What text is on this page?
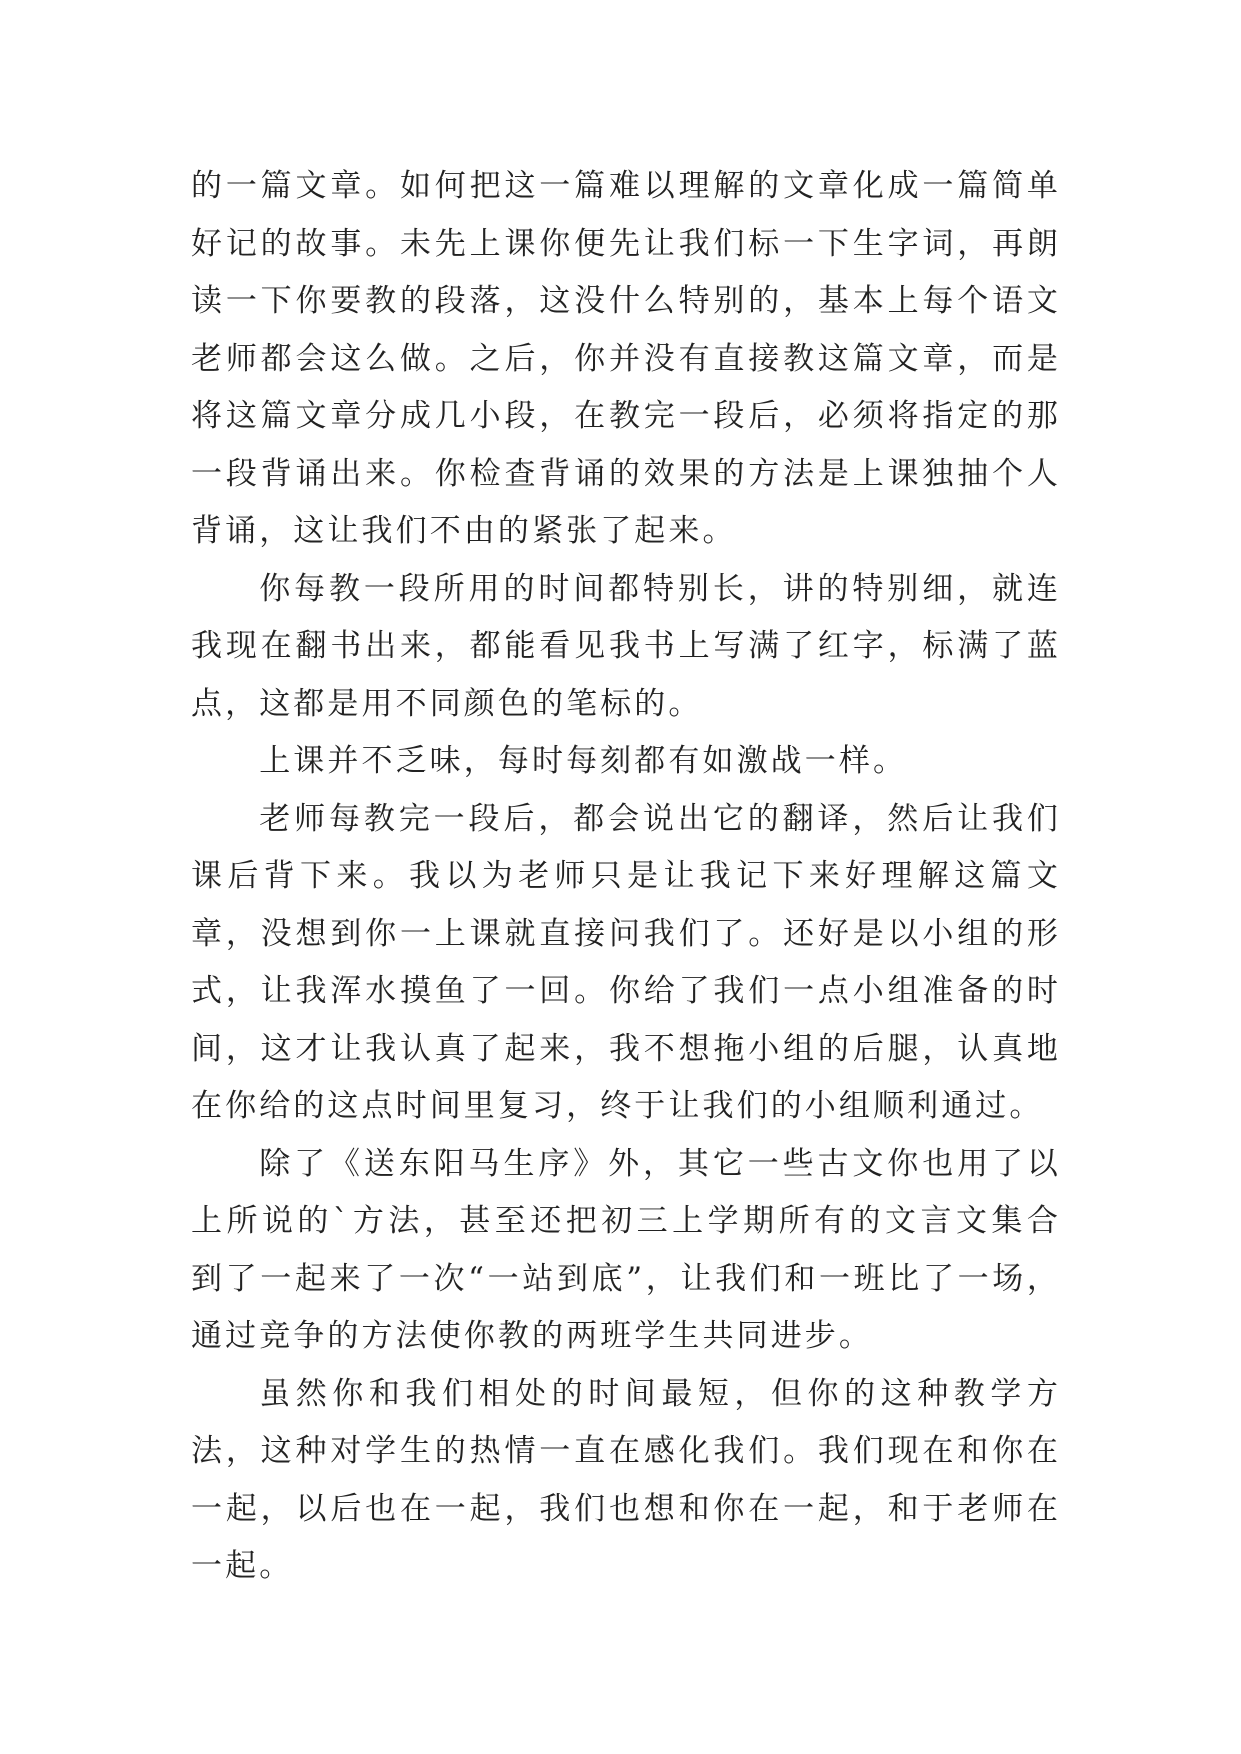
的一篇文章。如何把这一篇难以理解的文章化成一篇简单好记的故事。未先上课你便先让我们标一下生字词，再朗读一下你要教的段落，这没什么特别的，基本上每个语文老师都会这么做。之后，你并没有直接教这篇文章，而是将这篇文章分成几小段，在教完一段后，必须将指定的那一段背诵出来。你检查背诵的效果的方法是上课独抽个人背诵，这让我们不由的紧张了起来。

你每教一段所用的时间都特别长，讲的特别细，就连我现在翻书出来，都能看见我书上写满了红字，标满了蓝点，这都是用不同颜色的笔标的。

上课并不乏味，每时每刻都有如激战一样。

老师每教完一段后，都会说出它的翻译，然后让我们课后背下来。我以为老师只是让我记下来好理解这篇文章，没想到你一上课就直接问我们了。还好是以小组的形式，让我浑水摸鱼了一回。你给了我们一点小组准备的时间，这才让我认真了起来，我不想拖小组的后腿，认真地在你给的这点时间里复习，终于让我们的小组顺利通过。

除了《送东阳马生序》外，其它一些古文你也用了以上所说的`方法，甚至还把初三上学期所有的文言文集合到了一起来了一次“一站到底”，让我们和一班比了一场，通过竞争的方法使你教的两班学生共同进步。

虽然你和我们相处的时间最短，但你的这种教学方法，这种对学生的热情一直在感化我们。我们现在和你在一起，以后也在一起，我们也想和你在一起，和于老师在一起。
